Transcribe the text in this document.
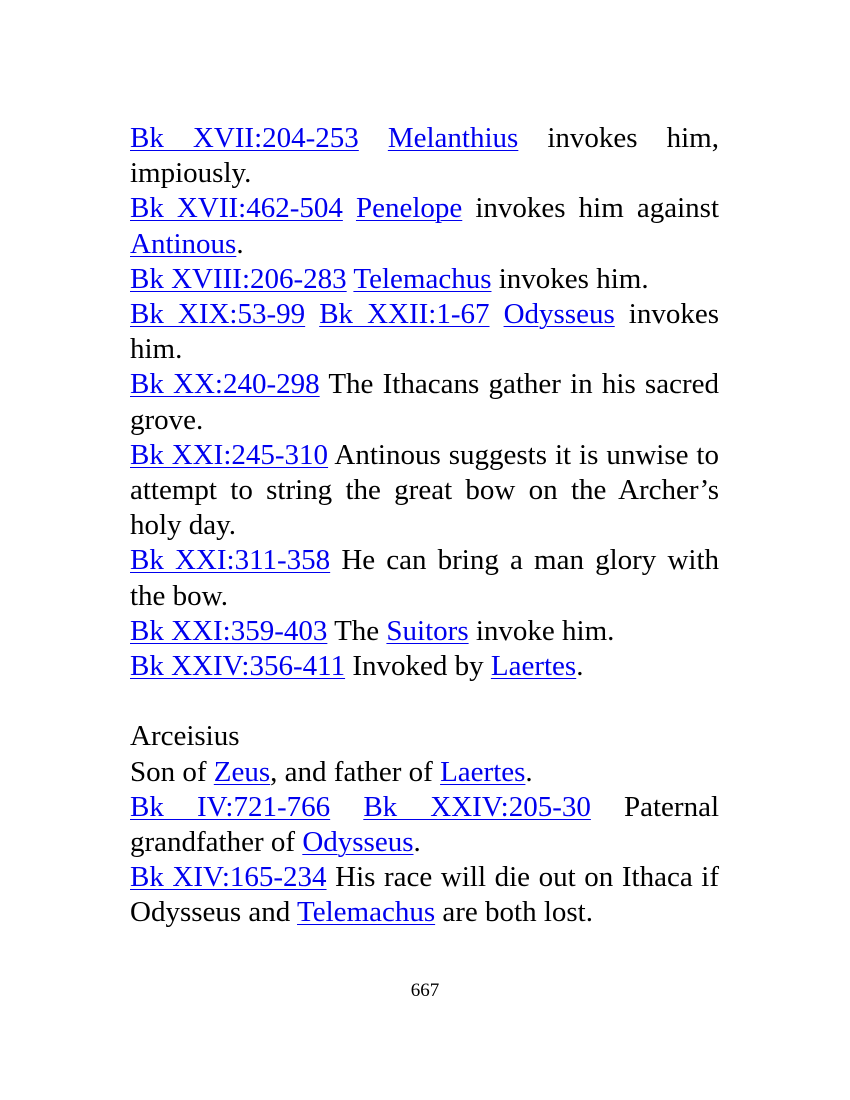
Bk XVII:204-253 Melanthius invokes him, impiously.

Bk XVII:462-504 Penelope invokes him against Antinous.

Bk XVIII:206-283 Telemachus invokes him.

Bk XIX:53-99 Bk XXII:1-67 Odysseus invokes him.

Bk XX:240-298 The Ithacans gather in his sacred grove.

Bk XXI:245-310 Antinous suggests it is unwise to attempt to string the great bow on the Archer’s holy day.

Bk XXI:311-358 He can bring a man glory with the bow.

Bk XXI:359-403 The Suitors invoke him.

Bk XXIV:356-411 Invoked by Laertes.

Arceisius

Son of Zeus, and father of Laertes.

Bk IV:721-766 Bk XXIV:205-30 Paternal grandfather of Odysseus.

Bk XIV:165-234 His race will die out on Ithaca if Odysseus and Telemachus are both lost.

667
